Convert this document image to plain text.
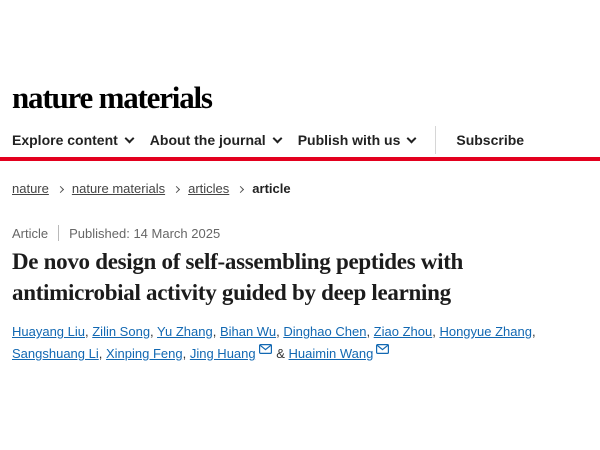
nature materials
Explore content About the journal Publish with us	Subscribe
nature nature materials articles article
Article Published: 14 March 2025
De novo design of self-assembling peptides with antimicrobial activity guided by deep learning

Huayang Liu, Zilin Song, Yu Zhang, Bihan Wu, Dinghao Chen, Ziao Zhou, Hongyue Zhang, Sangshuang Li, Xinping Feng, Jing Huang
& Huaimin Wang
